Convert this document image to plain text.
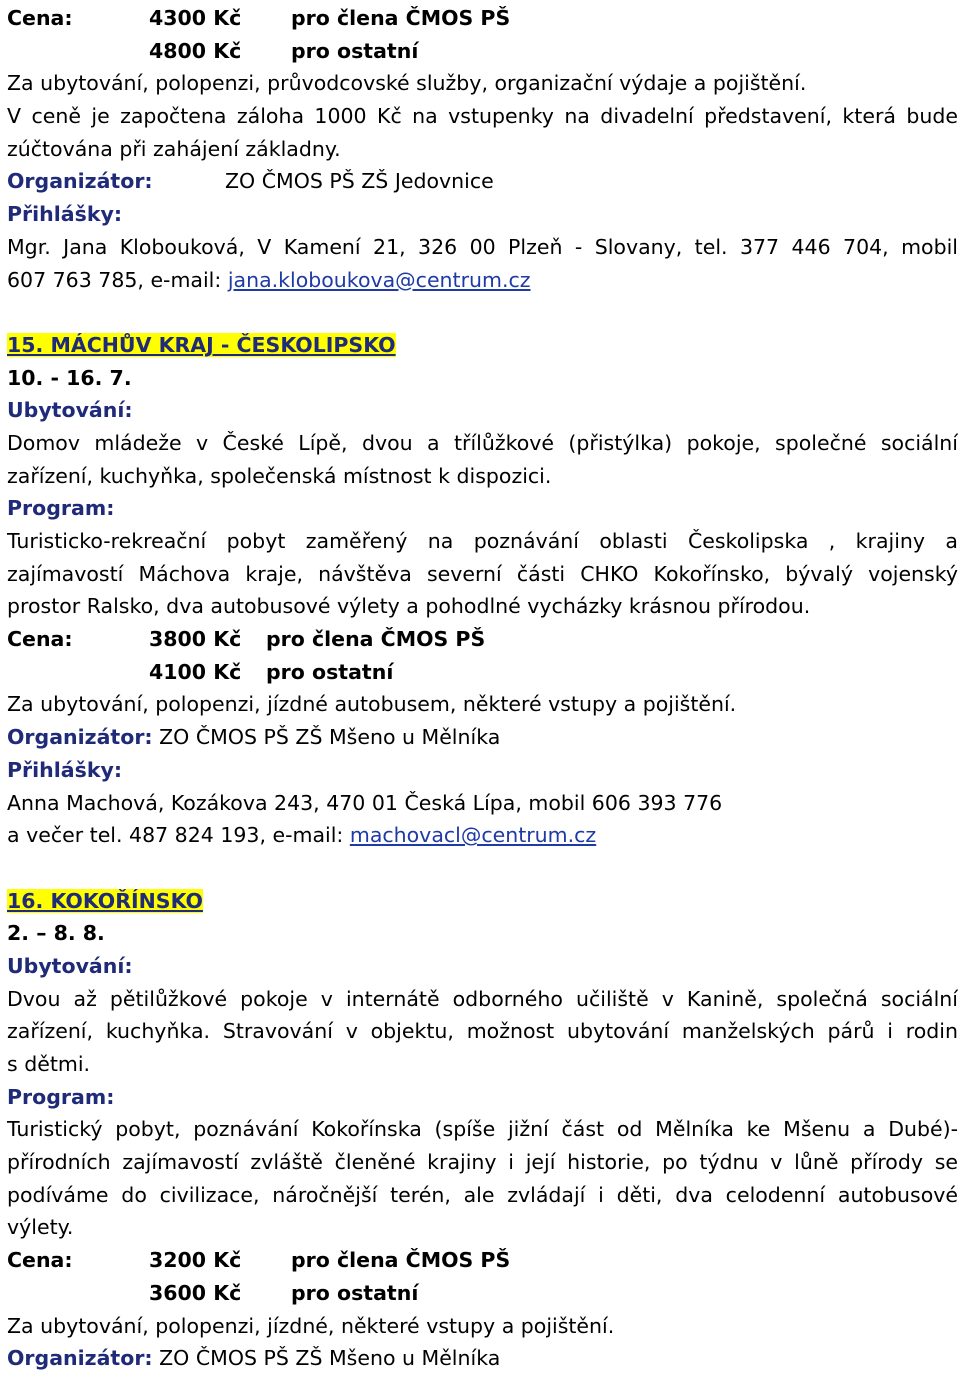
Cena:	4300 Kč pro člena ČMOS PŠ
4800 Kč pro ostatní
Za ubytování, polopenzi, průvodcovské služby, organizační výdaje a pojištění.
V ceně je započtena záloha 1000 Kč na vstupenky na divadelní představení, která bude
zúčtována při zahájení základny.
Organizátor:	ZO ČMOS PŠ ZŠ Jedovnice
Přihlášky:
Mgr. Jana Klobouková, V Kamení 21, 326 00 Plzeň - Slovany, tel. 377 446 704, mobil
607 763 785, e-mail: jana.kloboukova@centrum.cz
15. MÁCHŮV KRAJ - ČESKOLIPSKO
10. - 16. 7.
Ubytování:
Domov mládeže v České Lípě, dvou a třílůžkové (přistýlka) pokoje, společné sociální
zařízení, kuchyňka, společenská místnost k dispozici.
Program:
Turisticko-rekreační pobyt zaměřený na poznávání oblasti Českolipska , krajiny a
zajímavostí Máchova kraje, návštěva severní části CHKO Kokořínsko, bývalý vojenský
prostor Ralsko, dva autobusové výlety a pohodlné vycházky krásnou přírodou.
Cena:	3800 Kč pro člena ČMOS PŠ
4100 Kč pro ostatní
Za ubytování, polopenzi, jízdné autobusem, některé vstupy a pojištění.
Organizátor: ZO ČMOS PŠ ZŠ Mšeno u Mělníka
Přihlášky:
Anna Machová, Kozákova 243, 470 01 Česká Lípa, mobil 606 393 776
a večer tel. 487 824 193, e-mail: machovacl@centrum.cz
16. KOKOŘÍNSKO
2. – 8. 8.
Ubytování:
Dvou až pětilůžkové pokoje v internátě odborného učiliště v Kanině, společná sociální
zařízení, kuchyňka. Stravování v objektu, možnost ubytování manželských párů i rodin
s dětmi.
Program:
Turistický pobyt, poznávání Kokořínska (spíše jižní část od Mělníka ke Mšenu a Dubé)-
přírodních zajímavostí zvláště členěné krajiny i její historie, po týdnu v lůně přírody se
podíváme do civilizace, náročnější terén, ale zvládají i děti, dva celodenní autobusové
výlety.
Cena:	3200 Kč pro člena ČMOS PŠ
3600 Kč pro ostatní
Za ubytování, polopenzi, jízdné, některé vstupy a pojištění.
Organizátor: ZO ČMOS PŠ ZŠ Mšeno u Mělníka
